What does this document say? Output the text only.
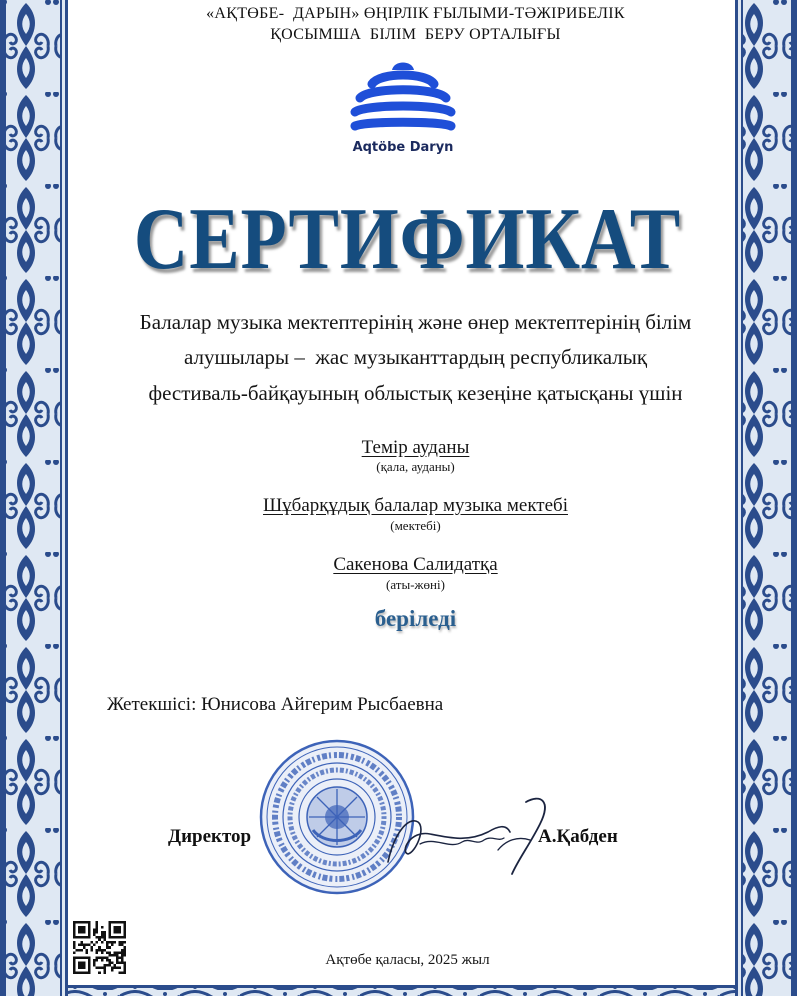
«АҚТӨБЕ-  ДАРЫН» ӨҢІРЛІК ҒЫЛЫМИ-ТӘЖІРИБЕЛІК
ҚОСЫМША  БІЛІМ  БЕРУ ОРТАЛЫҒЫ
Aqtöbe Daryn
СЕРТИФИКАТ
Балалар музыка мектептерінің және өнер мектептерінің білім
алушылары –  жас музыканттардың республикалық
фестиваль-байқауының облыстық кезеңіне қатысқаны үшін
Темір ауданы
(қала, ауданы)
Шұбарқұдық балалар музыка мектебі
(мектебі)
Сакенова Салидатқа
(аты-жөні)
беріледі
Жетекшісі: Юнисова Айгерим Рысбаевна
Директор	А.Қабден
Ақтөбе қаласы, 2025 жыл
